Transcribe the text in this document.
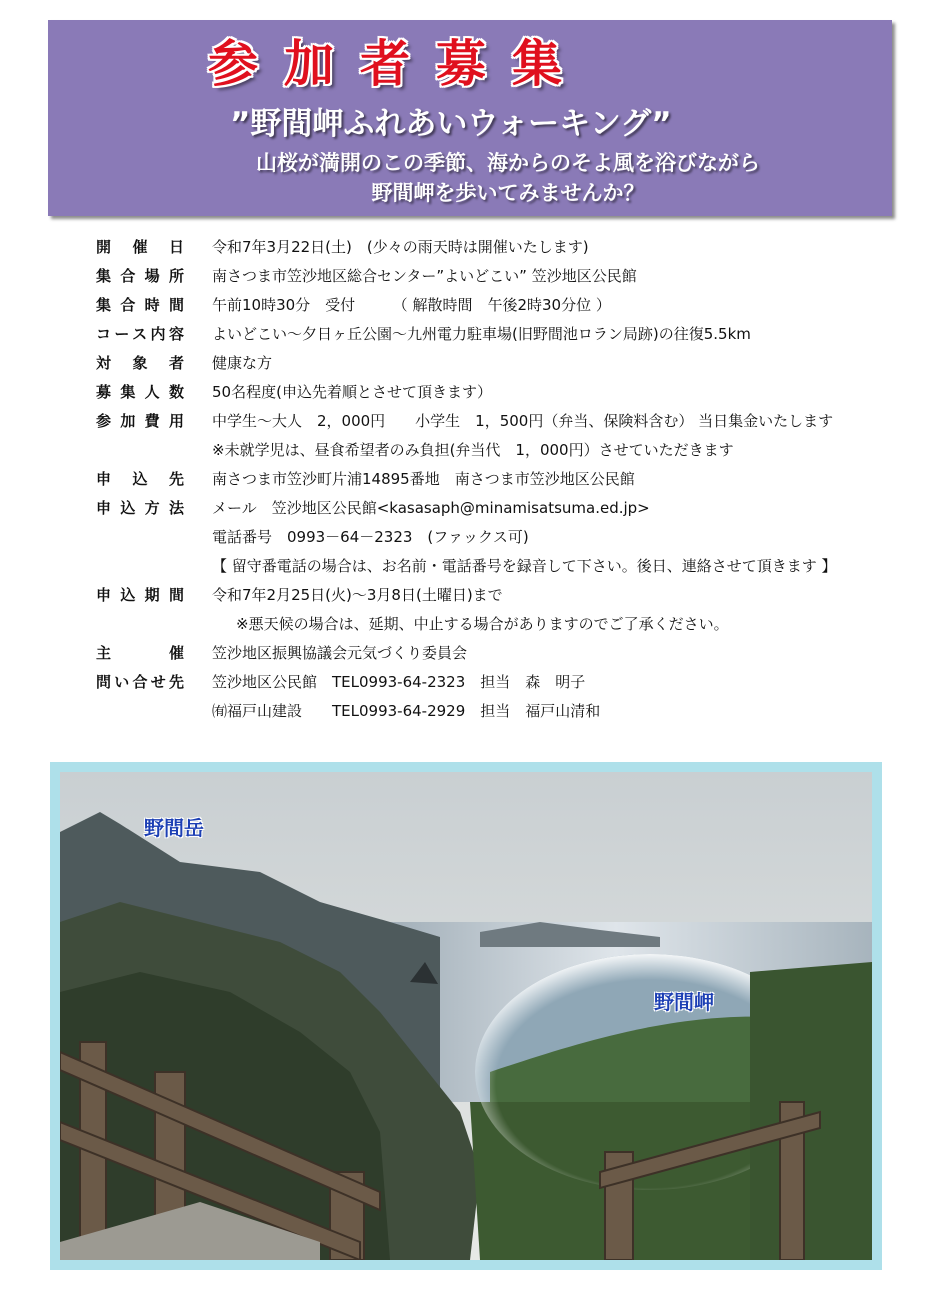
参加者募集
”野間岬ふれあいウォーキング”
山桜が満開のこの季節、海からのそよ風を浴びながら
野間岬を歩いてみませんか？
開催日 令和7年3月22日(土)　(少々の雨天時は開催いたします)
集合場所 南さつま市笠沙地区総合センター”よいどこい” 笠沙地区公民館
集合時間 午前10時30分　受付　　　（ 解散時間　午後2時30分位 ）
コース内容 よいどこい～夕日ヶ丘公園～九州電力駐車場(旧野間池ロラン局跡)の往復5.5km
対象者 健康な方
募集人数 50名程度(申込先着順とさせて頂きます）
参加費用 中学生～大人　2，000円　　小学生　1，500円（弁当、保険料含む） 当日集金いたします
※未就学児は、昼食希望者のみ負担(弁当代　1，000円）させていただきます
申込先 南さつま市笠沙町片浦14895番地　南さつま市笠沙地区公民館
申込方法 メール　笠沙地区公民館<kasasaph@minamisatsuma.ed.jp>
電話番号　0993－64－2323　(ファックス可)
【 留守番電話の場合は、お名前・電話番号を録音して下さい。後日、連絡させて頂きます 】
申込期間 令和7年2月25日(火)～3月8日(土曜日)まで
※悪天候の場合は、延期、中止する場合がありますのでご了承ください。
主催 笠沙地区振興協議会元気づくり委員会
問い合せ先 笠沙地区公民館　TEL0993-64-2323　担当　森　明子
㈲福戸山建設　　TEL0993-64-2929　担当　福戸山清和
野間岳
野間岬
